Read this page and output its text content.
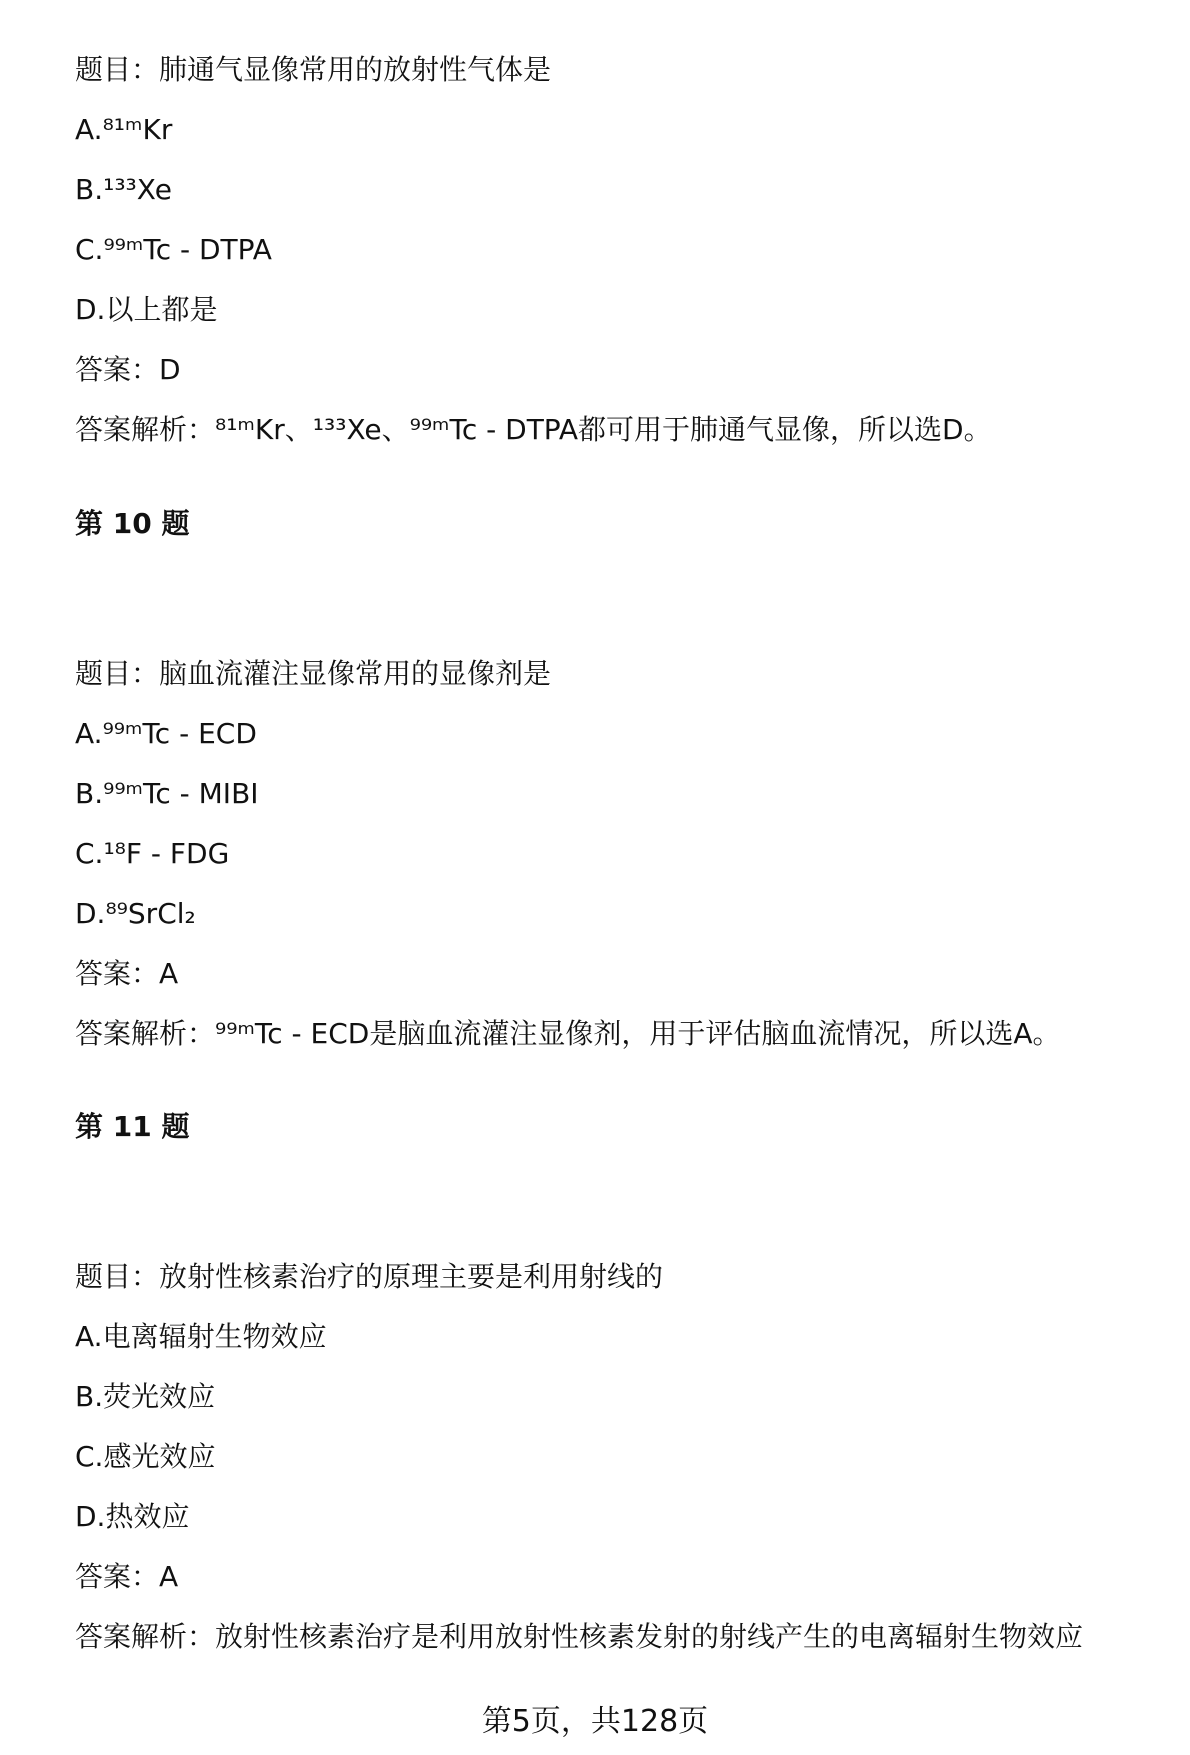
题目：肺通气显像常用的放射性气体是
A.⁸¹ᵐKr
B.¹³³Xe
C.⁹⁹ᵐTc - DTPA
D.以上都是
答案：D
答案解析：⁸¹ᵐKr、¹³³Xe、⁹⁹ᵐTc - DTPA都可用于肺通气显像，所以选D。
第 10 题
题目：脑血流灌注显像常用的显像剂是
A.⁹⁹ᵐTc - ECD
B.⁹⁹ᵐTc - MIBI
C.¹⁸F - FDG
D.⁸⁹SrCl₂
答案：A
答案解析：⁹⁹ᵐTc - ECD是脑血流灌注显像剂，用于评估脑血流情况，所以选A。
第 11 题
题目：放射性核素治疗的原理主要是利用射线的
A.电离辐射生物效应
B.荧光效应
C.感光效应
D.热效应
答案：A
答案解析：放射性核素治疗是利用放射性核素发射的射线产生的电离辐射生物效应
第5页，共128页
